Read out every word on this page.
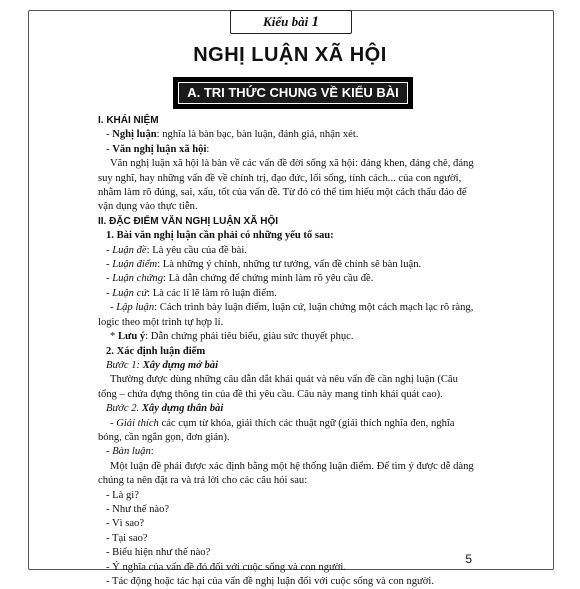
Kiểu bài 1
NGHỊ LUẬN XÃ HỘI
A. TRI THỨC CHUNG VỀ KIỂU BÀI

I. KHÁI NIỆM

- Nghị luận: nghĩa là bàn bạc, bàn luận, đánh giá, nhận xét.

- Văn nghị luận xã hội:

Văn nghị luận xã hội là bàn về các vấn đề đời sống xã hội: đáng khen, đáng chê, đáng suy nghĩ, hay những vấn đề về chính trị, đạo đức, lối sống, tính cách... của con người, nhằm làm rõ đúng, sai, xấu, tốt của vấn đề. Từ đó có thể tìm hiểu một cách thấu đáo để vận dụng vào thực tiễn.

II. ĐẶC ĐIỂM VĂN NGHỊ LUẬN XÃ HỘI

1. Bài văn nghị luận cần phải có những yếu tố sau:

- Luận đề: Là yêu cầu của đề bài.

- Luận điểm: Là những ý chính, những tư tưởng, vấn đề chính sẽ bàn luận.

- Luận chứng: Là dẫn chứng để chứng minh làm rõ yêu cầu đề.

- Luận cứ: Là các lí lẽ làm rõ luận điểm.

- Lập luận: Cách trình bày luận điểm, luận cứ, luận chứng một cách mạch lạc rõ ràng, logic theo một trình tự hợp lí.

* Lưu ý: Dẫn chứng phải tiêu biểu, giàu sức thuyết phục.

2. Xác định luận điểm

Bước 1: Xây dựng mở bài

Thường được dùng những câu dẫn dắt khái quát và nêu vấn đề cần nghị luận (Câu tổng – chứa đựng thông tin của đề thi yêu cầu. Câu này mang tính khái quát cao).

Bước 2. Xây dựng thân bài

- Giải thích các cụm từ khóa, giải thích các thuật ngữ (giải thích nghĩa đen, nghĩa bóng, cần ngắn gọn, đơn giản).

- Bàn luận:

Một luận đề phải được xác định bằng một hệ thống luận điểm. Để tìm ý được dễ dàng chúng ta nên đặt ra và trả lời cho các câu hỏi sau:

- Là gì?

- Như thế nào?

- Vì sao?

- Tại sao?

- Biểu hiện như thế nào?

- Ý nghĩa của vấn đề đó đối với cuộc sống và con người.

- Tác động hoặc tác hại của vấn đề nghị luận đối với cuộc sống và con người.

5
